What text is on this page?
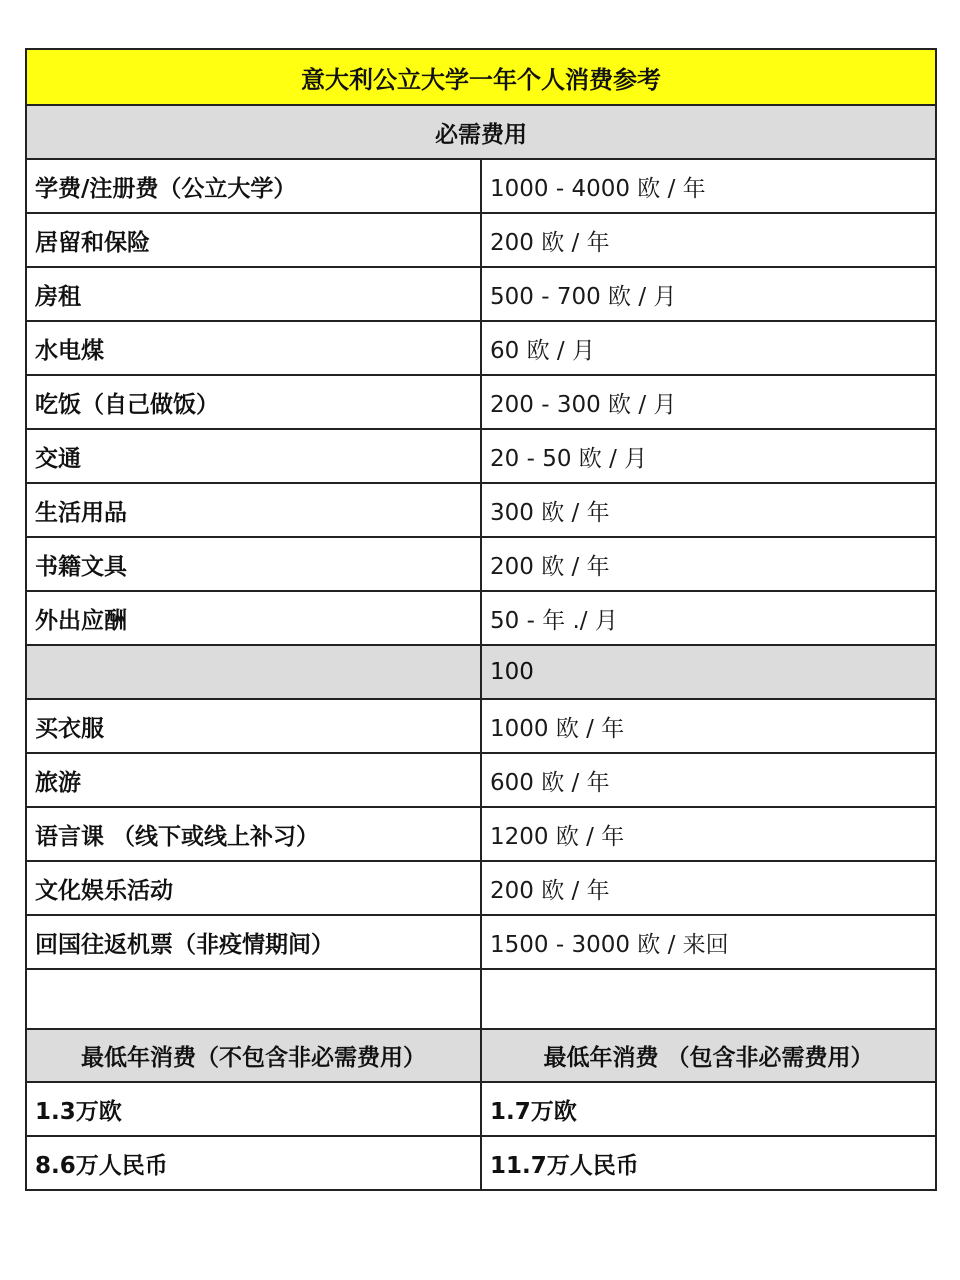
意大利公立大学一年个人消费参考	
必需费用	
学费/注册费（公立大学）	1000 - 4000 欧 / 年
居留和保险	200 欧 / 年
房租	500 - 700 欧 / 月
水电煤	60 欧 / 月
吃饭（自己做饭）	200 - 300 欧 / 月
交通	20 - 50 欧 / 月
生活用品	300 欧 / 年
书籍文具	200 欧 / 年
外出应酬	50 - 年 ./ 月
	100
买衣服	1000 欧 / 年
旅游	600 欧 / 年
语言课 （线下或线上补习）	1200 欧 / 年
文化娱乐活动	200 欧 / 年
回国往返机票（非疫情期间）	1500 - 3000 欧 / 来回

最低年消费（不包含非必需费用）	最低年消费 （包含非必需费用）
1.3万欧	1.7万欧
8.6万人民币	11.7万人民币
